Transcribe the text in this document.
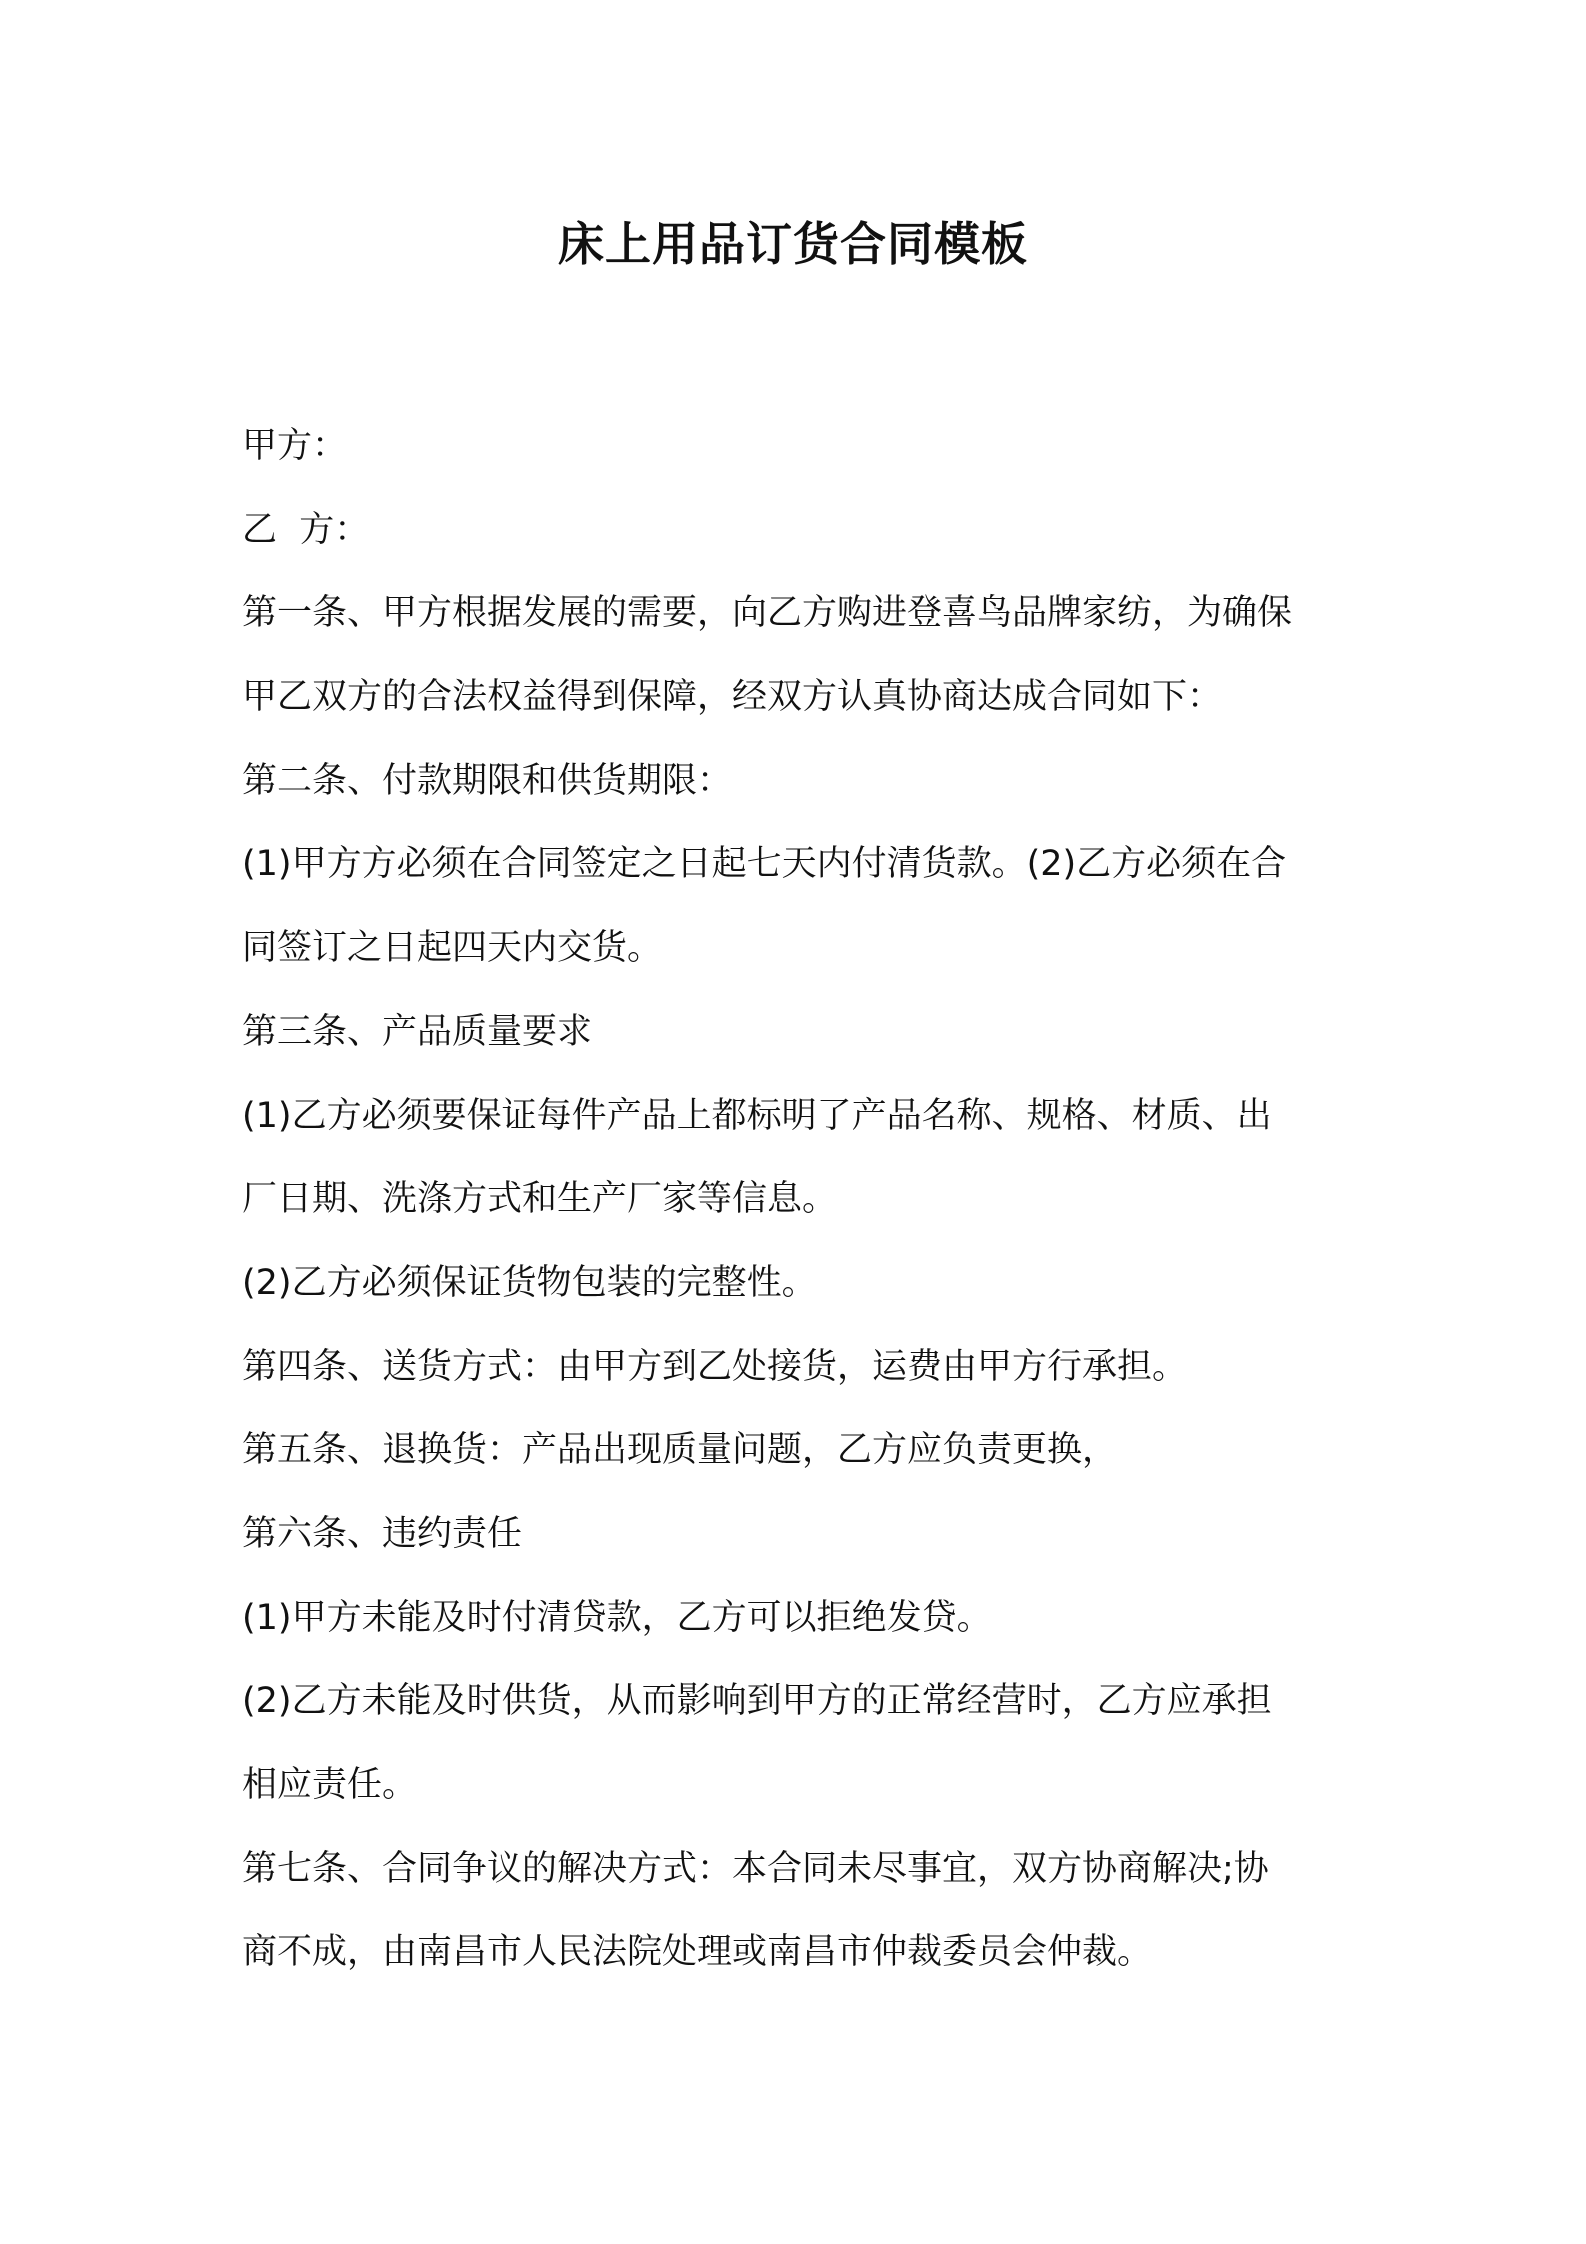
床上用品订货合同模板
甲方：
乙  方：
第一条、甲方根据发展的需要，向乙方购进登喜鸟品牌家纺，为确保
甲乙双方的合法权益得到保障，经双方认真协商达成合同如下：
第二条、付款期限和供货期限：
(1)甲方方必须在合同签定之日起七天内付清货款。(2)乙方必须在合
同签订之日起四天内交货。
第三条、产品质量要求
(1)乙方必须要保证每件产品上都标明了产品名称、规格、材质、出
厂日期、洗涤方式和生产厂家等信息。
(2)乙方必须保证货物包装的完整性。
第四条、送货方式：由甲方到乙处接货，运费由甲方行承担。
第五条、退换货：产品出现质量问题，乙方应负责更换，
第六条、违约责任
(1)甲方未能及时付清贷款，乙方可以拒绝发贷。
(2)乙方未能及时供货，从而影响到甲方的正常经营时，乙方应承担
相应责任。
第七条、合同争议的解决方式：本合同未尽事宜，双方协商解决;协
商不成，由南昌市人民法院处理或南昌市仲裁委员会仲裁。
